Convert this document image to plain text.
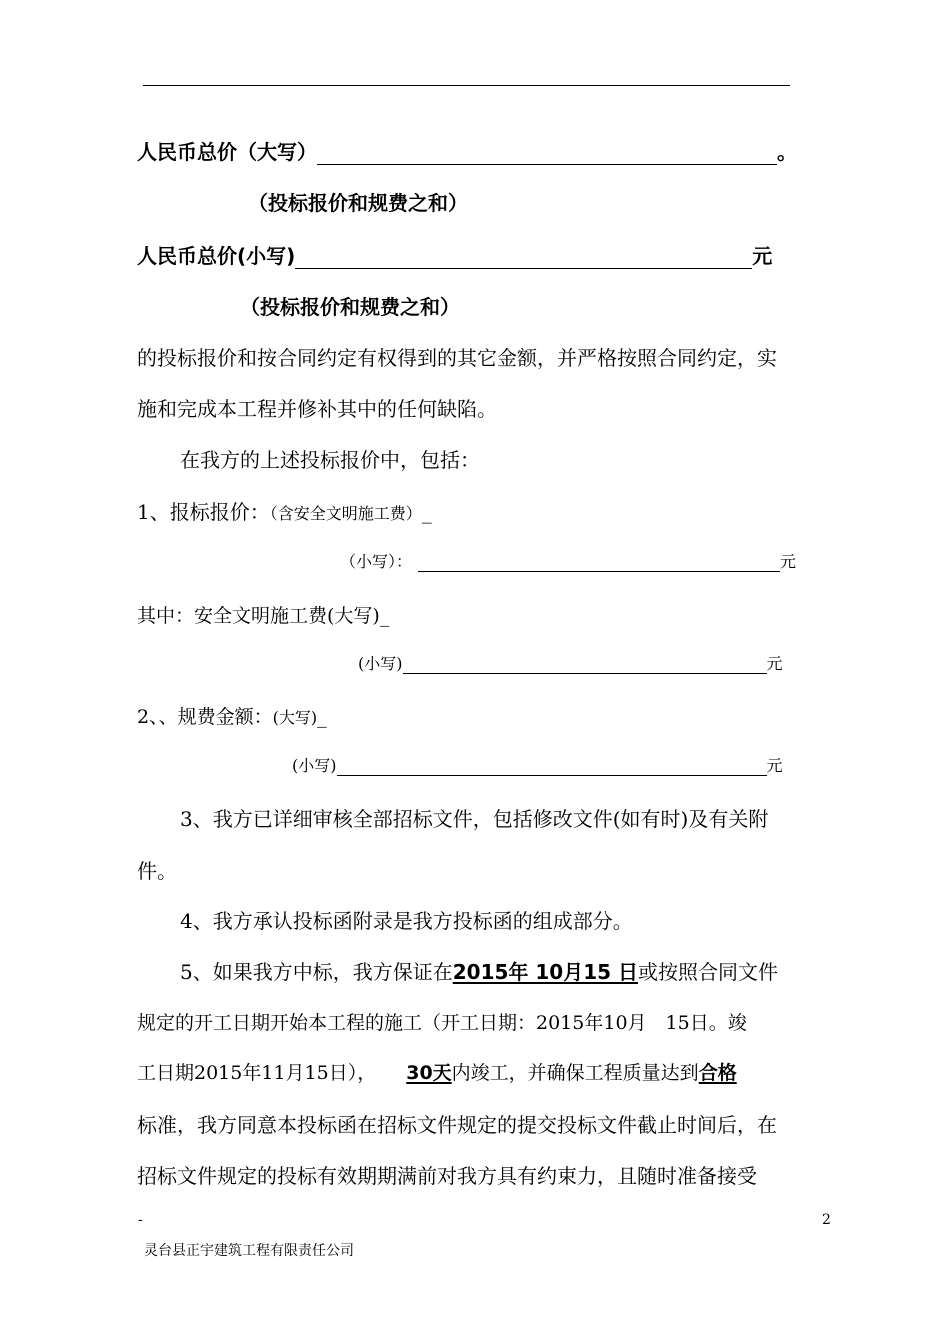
人民币总价（大写）	。
（投标报价和规费之和）
人民币总价(小写)	元
（投标报价和规费之和）
的投标报价和按合同约定有权得到的其它金额，并严格按照合同约定，实
施和完成本工程并修补其中的任何缺陷。
在我方的上述投标报价中，包括：
1、报标报价：（含安全文明施工费）_
（小写）：	元
其中：安全文明施工费(大写)_
(小写)	元
2、、规费金额：(大写)_
(小写)	元
3、我方已详细审核全部招标文件，包括修改文件(如有时)及有关附
件。
4、我方承认投标函附录是我方投标函的组成部分。
5、如果我方中标，我方保证在2015年 10月15 日或按照合同文件
规定的开工日期开始本工程的施工（开工日期：2015年10月　15日。竣
工日期2015年11月15日）， 30天内竣工，并确保工程质量达到合格
标准，我方同意本投标函在招标文件规定的提交投标文件截止时间后，在
招标文件规定的投标有效期期满前对我方具有约束力，且随时准备接受
-	2
灵台县正宇建筑工程有限责任公司
